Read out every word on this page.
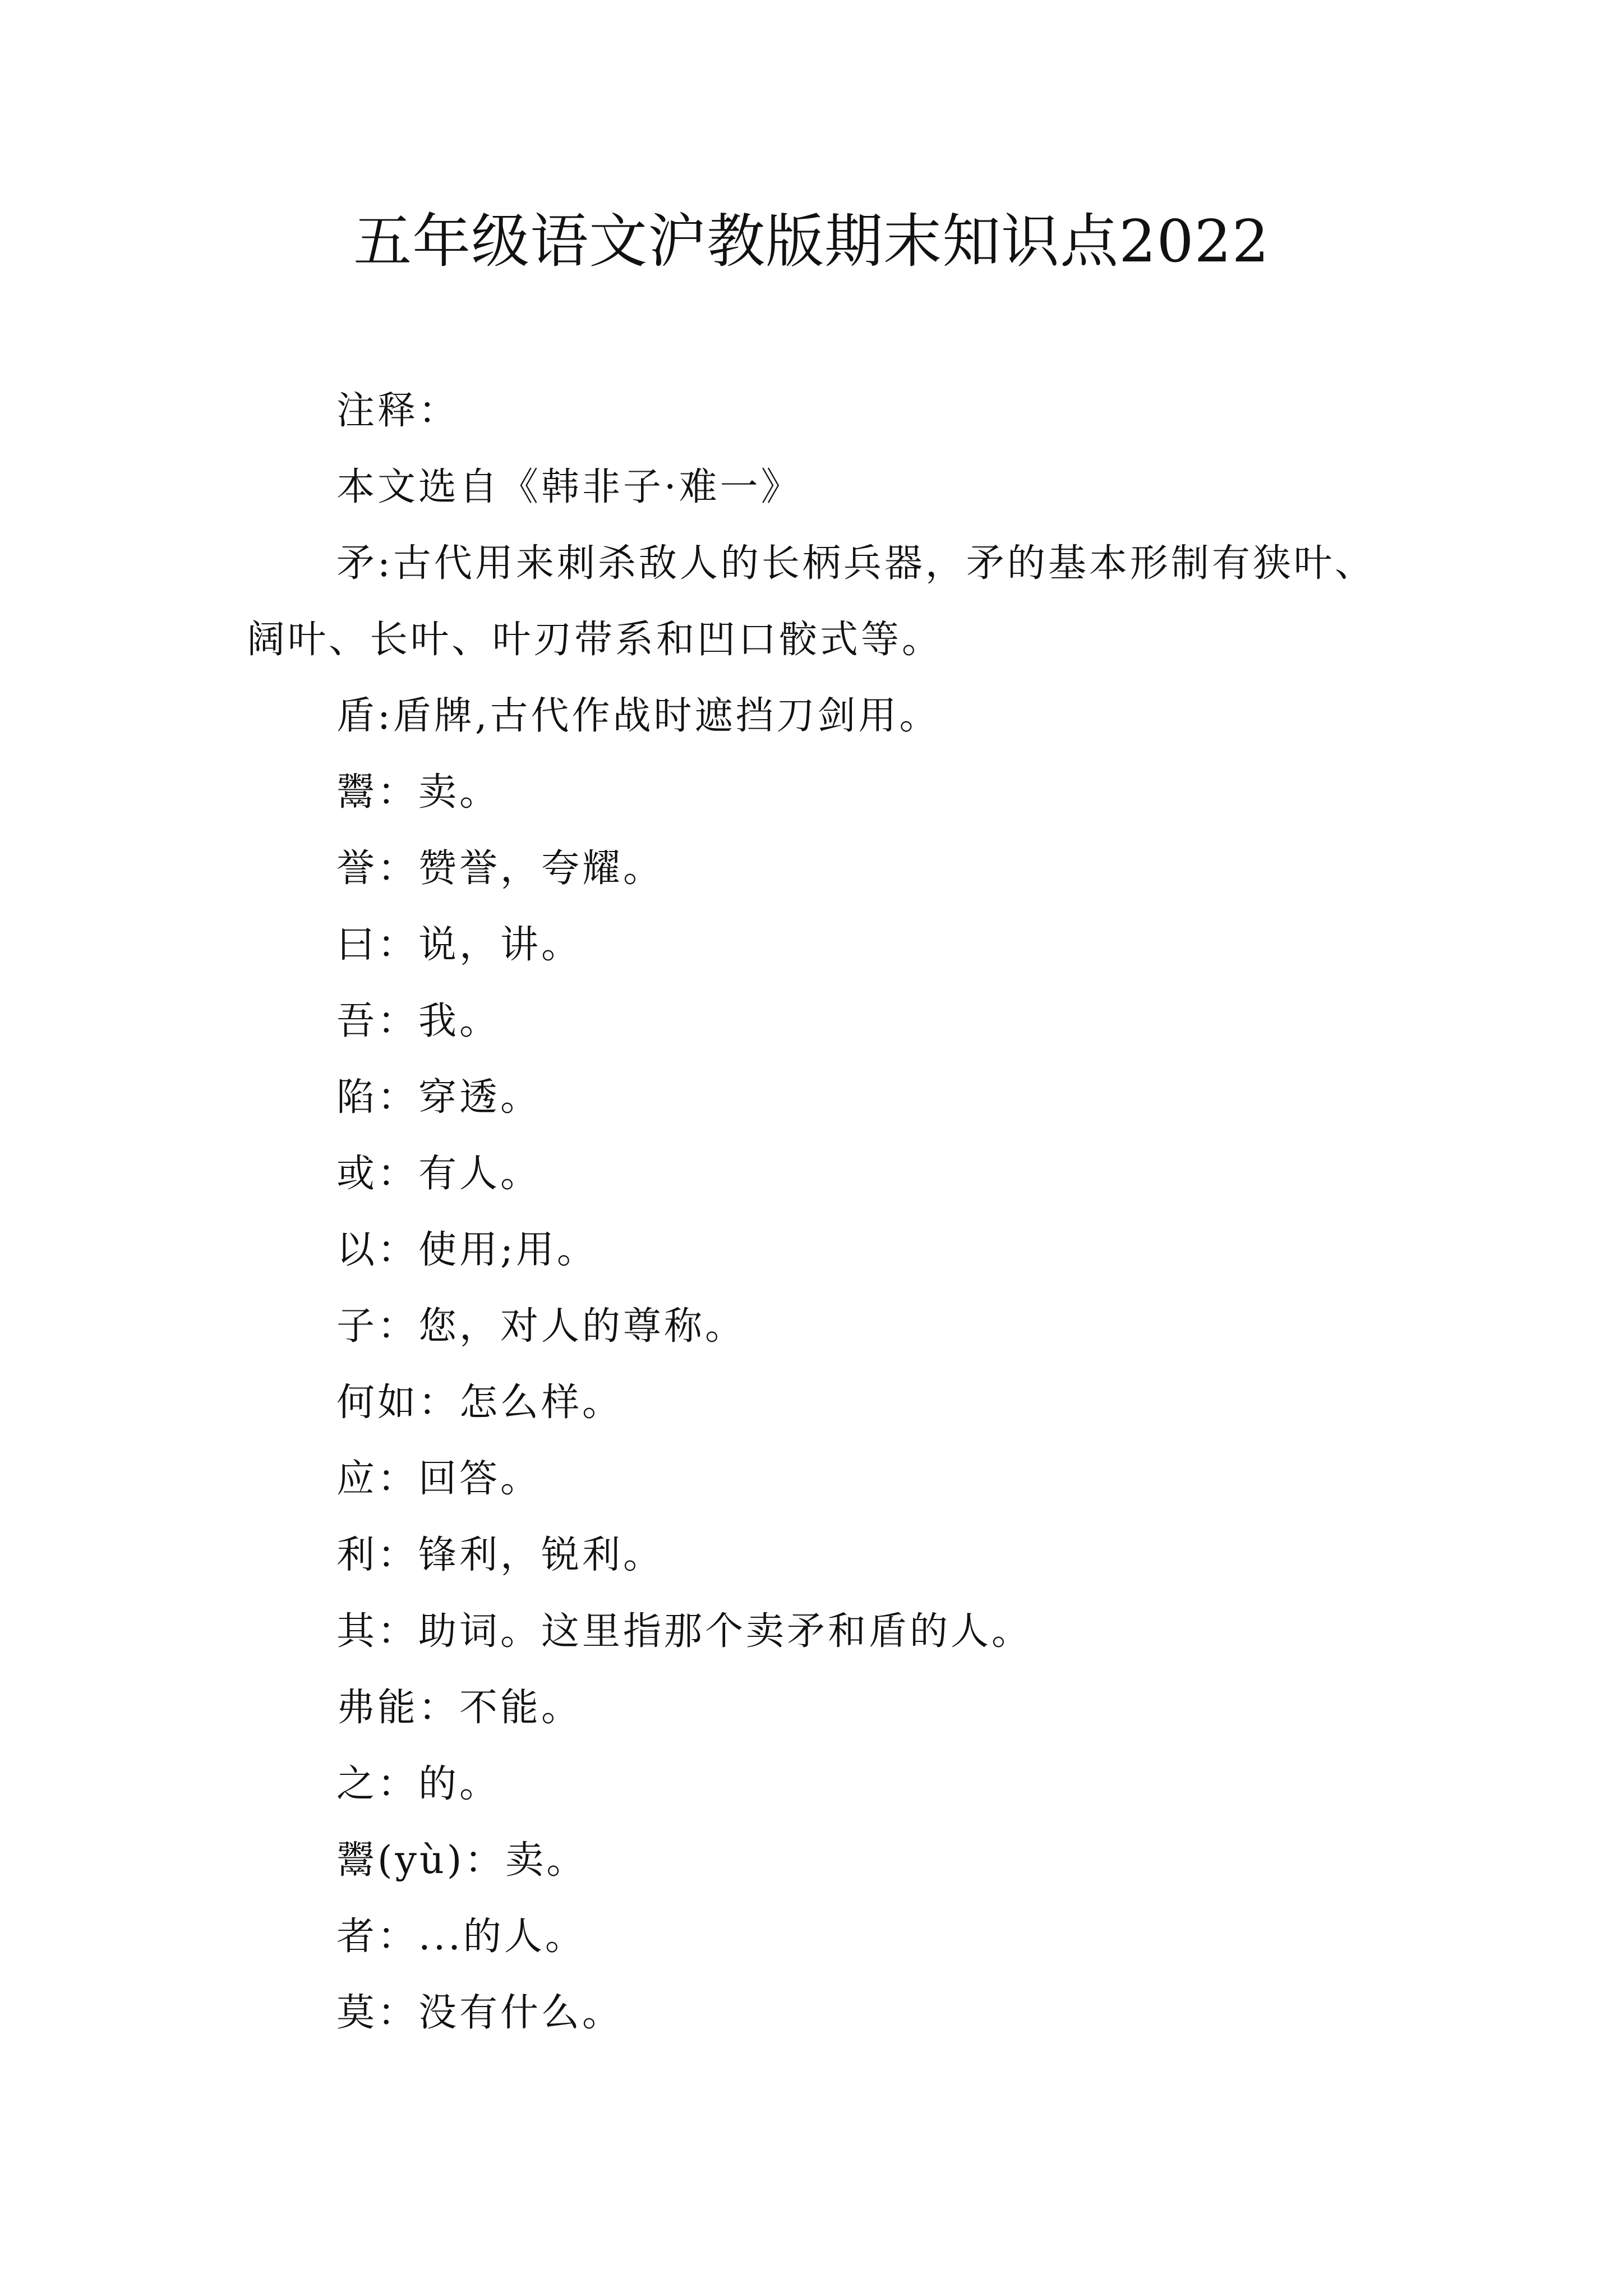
五年级语文沪教版期末知识点2022

注释：

本文选自《韩非子·难一》

矛:古代用来刺杀敌人的长柄兵器，矛的基本形制有狭叶、阔叶、长叶、叶刃带系和凹口骹式等。

盾:盾牌,古代作战时遮挡刀剑用。

鬻：卖。

誉：赞誉，夸耀。

曰：说，讲。

吾：我。

陷：穿透。

或：有人。

以：使用;用。

子：您，对人的尊称。

何如：怎么样。

应：回答。

利：锋利，锐利。

其：助词。这里指那个卖矛和盾的人。

弗能：不能。

之：的。

鬻(yù)：卖。

者：...的人。

莫：没有什么。
